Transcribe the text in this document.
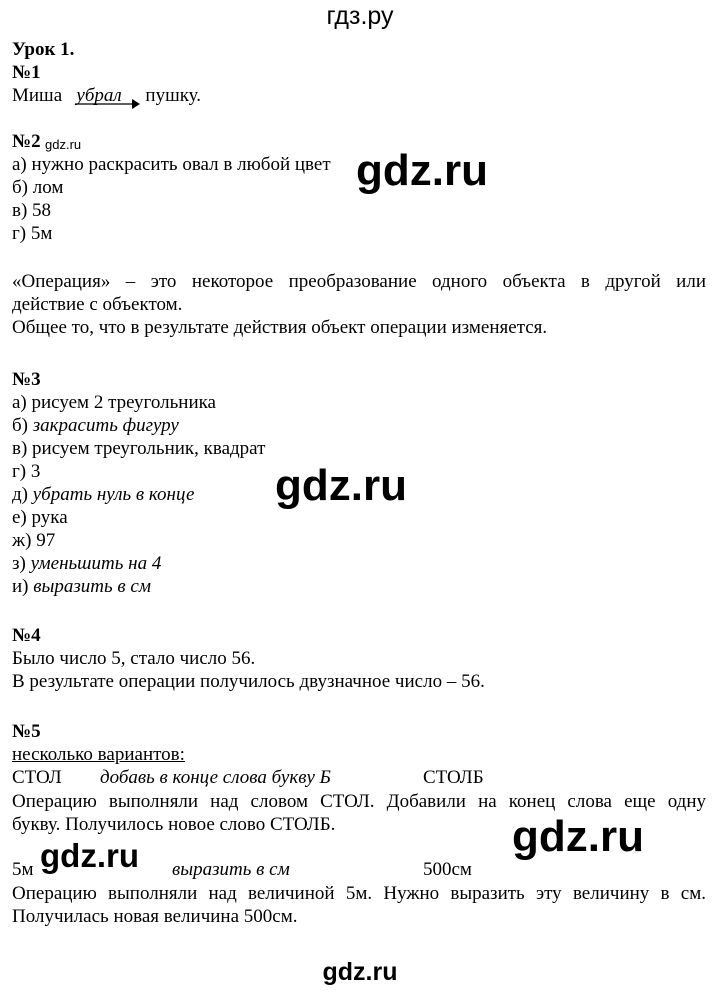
гдз.ру
Урок 1.
№1
Миша убрал пушку.
№2 gdz.ru
а) нужно раскрасить овал в любой цвет
б) лом
в) 58
г) 5м
gdz.ru
«Операция» – это некоторое преобразование одного объекта в другой или
действие с объектом.
Общее то, что в результате действия объект операции изменяется.
№3
а) рисуем 2 треугольника
б) закрасить фигуру
в) рисуем треугольник, квадрат
г) 3
д) убрать нуль в конце
е) рука
ж) 97
з) уменьшить на 4
и) выразить в см
gdz.ru
№4
Было число 5, стало число 56.
В результате операции получилось двузначное число – 56.
№5
несколько вариантов:
СТОЛ добавь в конце слова букву Б	СТОЛБ
Операцию выполняли над словом СТОЛ. Добавили на конец слова еще одну
букву. Получилось новое слово СТОЛБ.	gdz.ru
5м gdz.ru выразить в см	500см
Операцию выполняли над величиной 5м. Нужно выразить эту величину в см.
Получилась новая величина 500см.
gdz.ru
